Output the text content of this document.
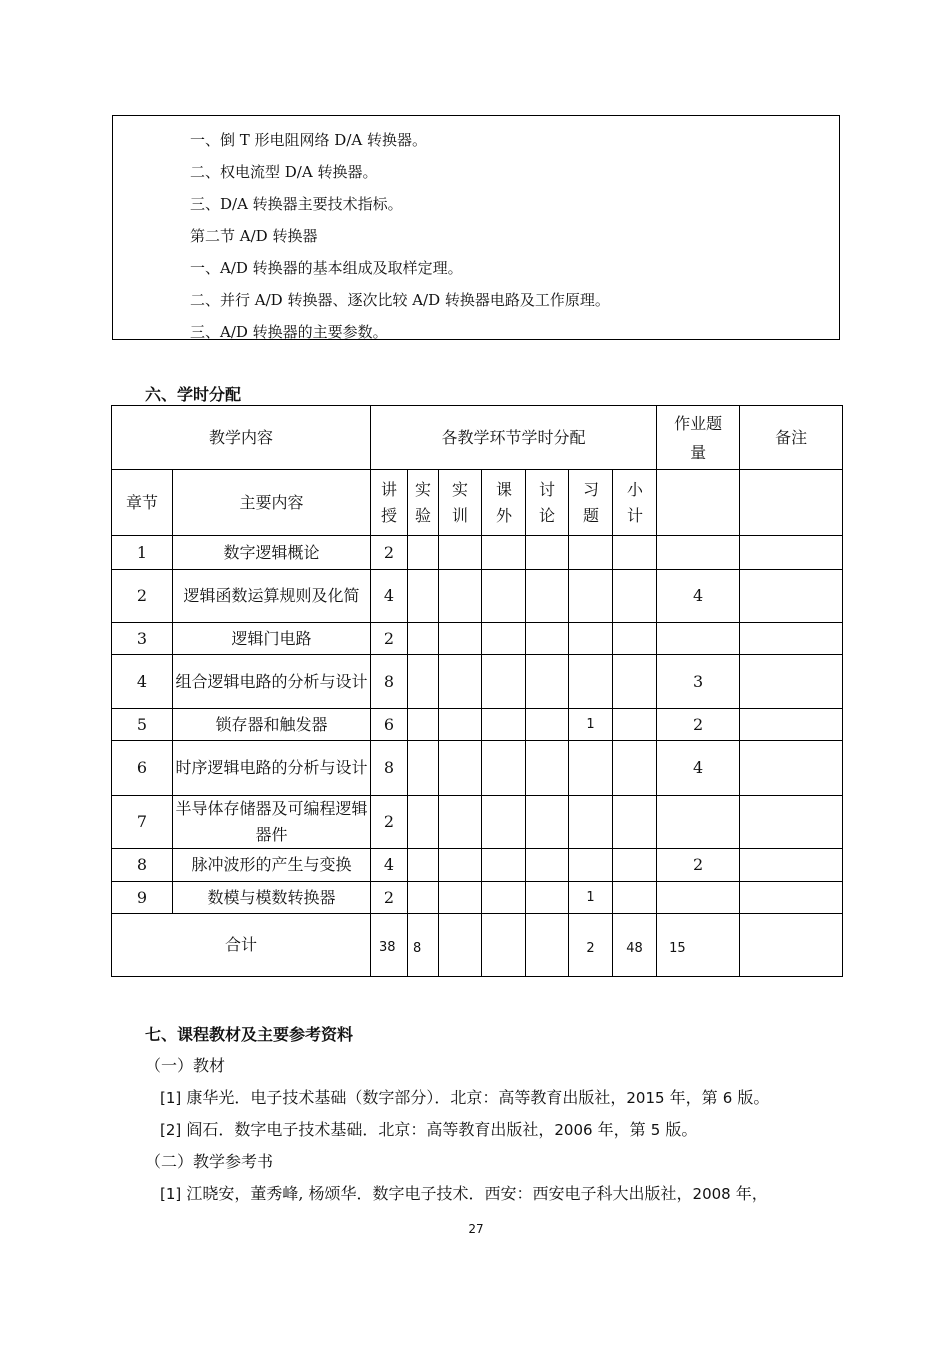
一、倒 T 形电阻网络 D/A 转换器。
二、权电流型 D/A 转换器。
三、D/A 转换器主要技术指标。
第二节 A/D 转换器
一、A/D 转换器的基本组成及取样定理。
二、并行 A/D 转换器、逐次比较 A/D 转换器电路及工作原理。
三、A/D 转换器的主要参数。
六、学时分配
教学内容		各教学环节学时分配							作业题量	备注
章节	主要内容	讲授	实验	实训	课外	讨论	习题	小计		
1	数字逻辑概论	2								
2	逻辑函数运算规则及化简	4							4	
3	逻辑门电路	2								
4	组合逻辑电路的分析与设计	8							3	
5	锁存器和触发器	6					1		2	
6	时序逻辑电路的分析与设计	8							4	
7	半导体存储器及可编程逻辑器件	2								
8	脉冲波形的产生与变换	4							2	
9	数模与模数转换器	2					1			
合计		38	8				2	48	15	
七、课程教材及主要参考资料
（一）教材
[1] 康华光．电子技术基础（数字部分）．北京：高等教育出版社，2015 年，第 6 版。
[2] 阎石．数字电子技术基础．北京：高等教育出版社，2006 年，第 5 版。
（二）教学参考书
[1] 江晓安，董秀峰, 杨颂华．数字电子技术．西安：西安电子科大出版社，2008 年，
27
